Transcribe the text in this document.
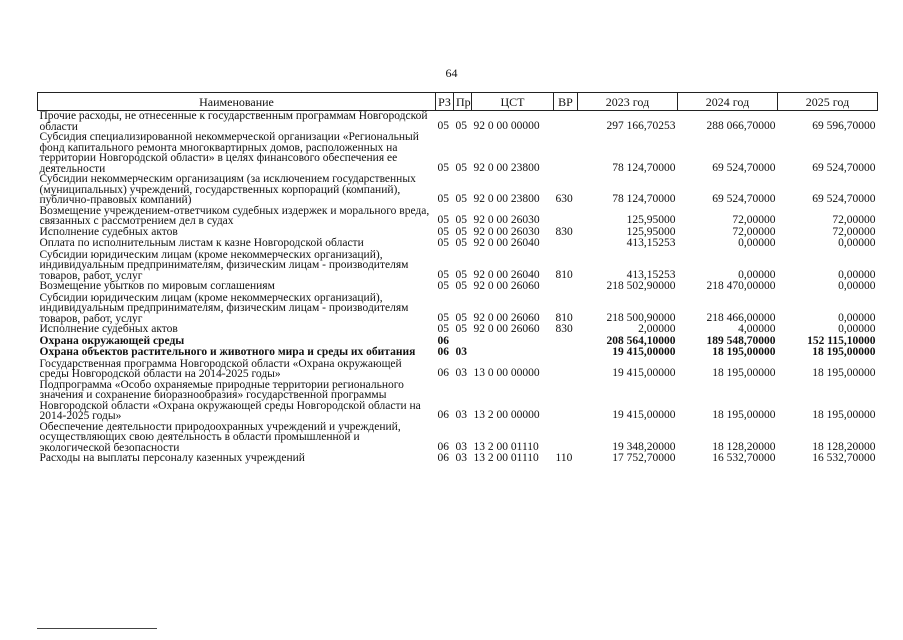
64
Наименование	РЗ	Пр	ЦСТ	ВР	2023 год	2024 год	2025 год
Прочие расходы, не отнесенные к государственным программам Новгородской области	05	05	92 0 00 00000		297 166,70253	288 066,70000	69 596,70000
Субсидия специализированной некоммерческой организации «Региональный фонд капитального ремонта многоквартирных домов, расположенных на территории Новгородской области» в целях финансового обеспечения ее деятельности	05	05	92 0 00 23800		78 124,70000	69 524,70000	69 524,70000
Субсидии некоммерческим организациям (за исключением государственных (муниципальных) учреждений, государственных корпораций (компаний), публично-правовых компаний)	05	05	92 0 00 23800	630	78 124,70000	69 524,70000	69 524,70000
Возмещение учреждением-ответчиком судебных издержек и морального вреда, связанных с рассмотрением дел в судах	05	05	92 0 00 26030		125,95000	72,00000	72,00000
Исполнение судебных актов	05	05	92 0 00 26030	830	125,95000	72,00000	72,00000
Оплата по исполнительным листам к казне Новгородской области	05	05	92 0 00 26040		413,15253	0,00000	0,00000
Субсидии юридическим лицам (кроме некоммерческих организаций), индивидуальным предпринимателям, физическим лицам - производителям товаров, работ, услуг	05	05	92 0 00 26040	810	413,15253	0,00000	0,00000
Возмещение убытков по мировым соглашениям	05	05	92 0 00 26060		218 502,90000	218 470,00000	0,00000
Субсидии юридическим лицам (кроме некоммерческих организаций), индивидуальным предпринимателям, физическим лицам - производителям товаров, работ, услуг	05	05	92 0 00 26060	810	218 500,90000	218 466,00000	0,00000
Исполнение судебных актов	05	05	92 0 00 26060	830	2,00000	4,00000	0,00000
Охрана окружающей среды	06				208 564,10000	189 548,70000	152 115,10000
Охрана объектов растительного и животного мира и среды их обитания	06	03			19 415,00000	18 195,00000	18 195,00000
Государственная программа Новгородской области «Охрана окружающей среды Новгородской области на 2014-2025 годы»	06	03	13 0 00 00000		19 415,00000	18 195,00000	18 195,00000
Подпрограмма «Особо охраняемые природные территории регионального значения и сохранение биоразнообразия» государственной программы Новгородской области «Охрана окружающей среды Новгородской области на 2014-2025 годы»	06	03	13 2 00 00000		19 415,00000	18 195,00000	18 195,00000
Обеспечение деятельности природоохранных учреждений и учреждений, осуществляющих свою деятельность в области промышленной и экологической безопасности	06	03	13 2 00 01110		19 348,20000	18 128,20000	18 128,20000
Расходы на выплаты персоналу казенных учреждений	06	03	13 2 00 01110	110	17 752,70000	16 532,70000	16 532,70000
